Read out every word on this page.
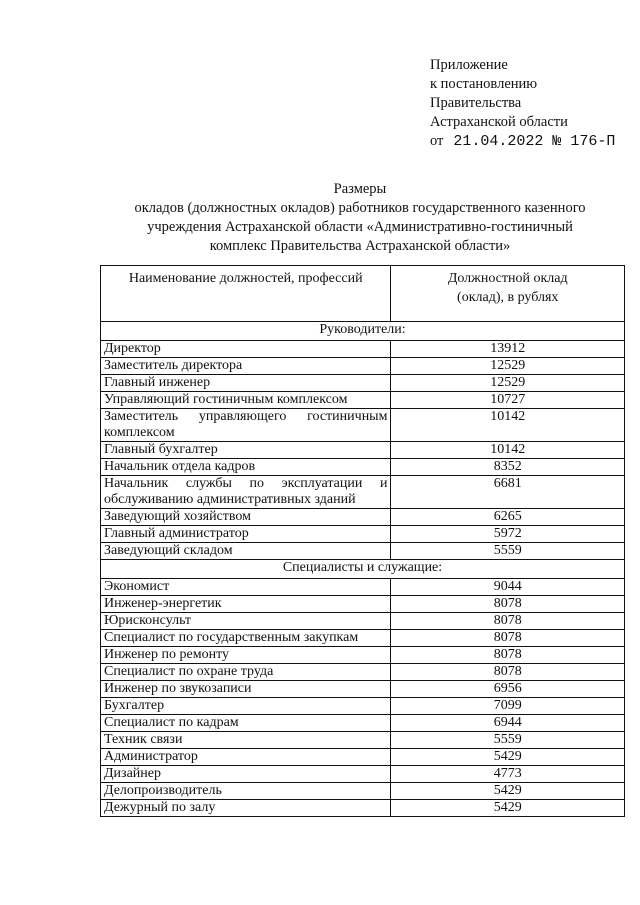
Приложение
к постановлению
Правительства
Астраханской области
от 21.04.2022 № 176-П
Размеры
окладов (должностных окладов) работников государственного казенного
учреждения Астраханской области «Административно-гостиничный
комплекс Правительства Астраханской области»
Наименование должностей, профессий	Должностной оклад
(оклад), в рублях

Руководители:	
Директор	13912
Заместитель директора	12529
Главный инженер	12529
Управляющий гостиничным комплексом	10727
Заместитель управляющего гостиничным комплексом	10142
Главный бухгалтер	10142
Начальник отдела кадров	8352
Начальник службы по эксплуатации и обслуживанию административных зданий	6681
Заведующий хозяйством	6265
Главный администратор	5972
Заведующий складом	5559
Специалисты и служащие:	
Экономист	9044
Инженер-энергетик	8078
Юрисконсульт	8078
Специалист по государственным закупкам	8078
Инженер по ремонту	8078
Специалист по охране труда	8078
Инженер по звукозаписи	6956
Бухгалтер	7099
Специалист по кадрам	6944
Техник связи	5559
Администратор	5429
Дизайнер	4773
Делопроизводитель	5429
Дежурный по залу	5429
